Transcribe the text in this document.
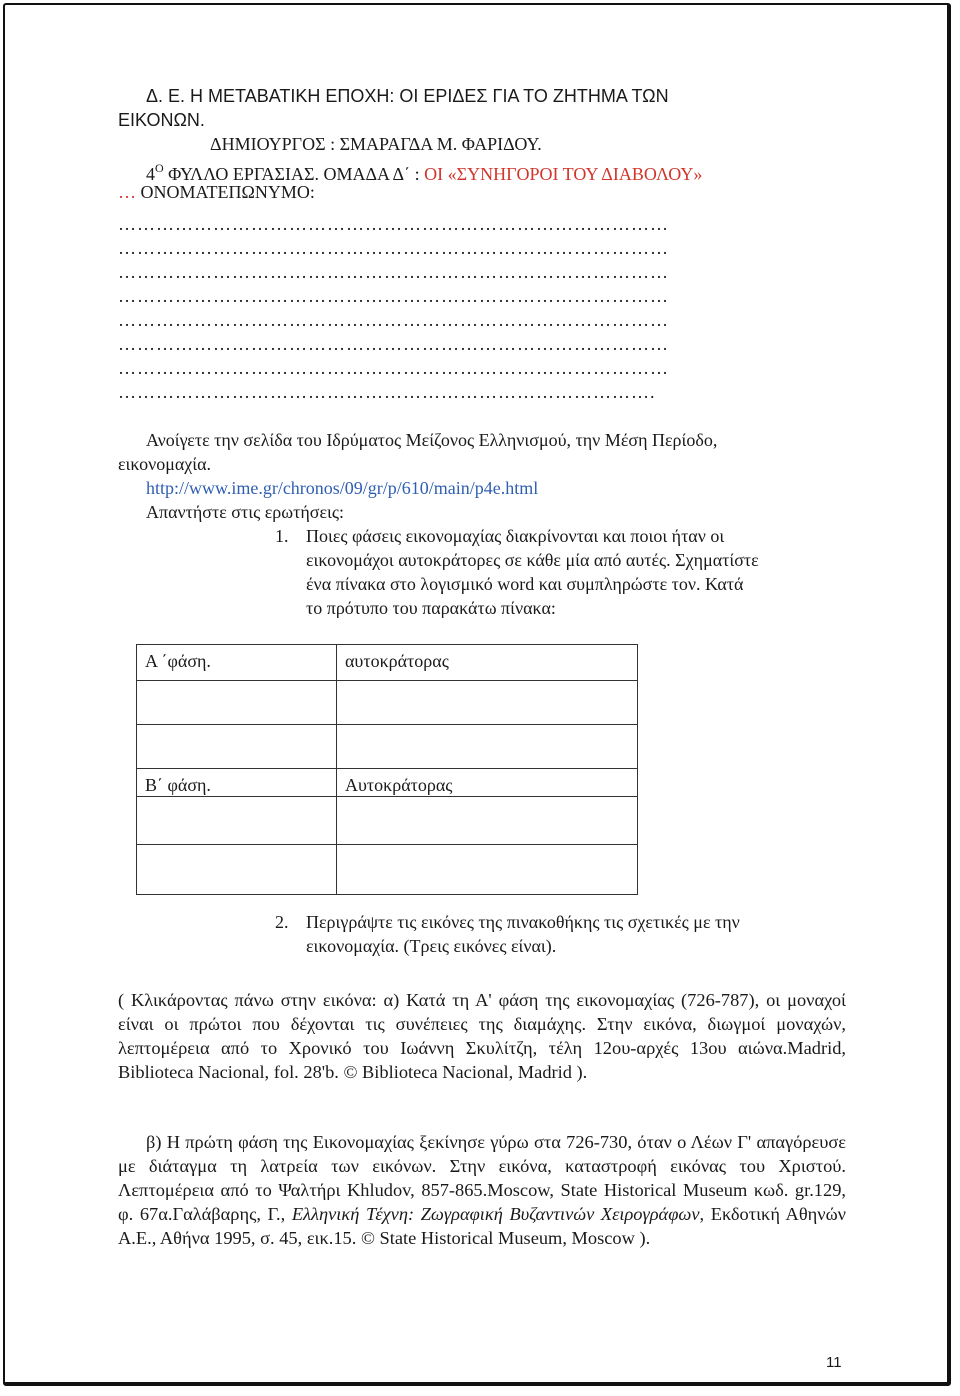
Δ. Ε. Η ΜΕΤΑΒΑΤΙΚΗ ΕΠΟΧΗ: ΟΙ ΕΡΙΔΕΣ ΓΙΑ ΤΟ ΖΗΤΗΜΑ ΤΩΝ
ΕΙΚΟΝΩΝ.
ΔΗΜΙΟΥΡΓΟΣ : ΣΜΑΡΑΓΔΑ Μ. ΦΑΡΙΔΟΥ.
$4^O$ ΦΥΛΛΟ ΕΡΓΑΣΙΑΣ. ΟΜΑΔΑ Δ΄ : ΟΙ «ΣΥΝΗΓΟΡΟΙ ΤΟΥ ΔΙΑΒΟΛΟΥ»
… ΟΝΟΜΑΤΕΠΩΝΥΜΟ:
……………………………………………………………………………
……………………………………………………………………………
……………………………………………………………………………
……………………………………………………………………………
……………………………………………………………………………
……………………………………………………………………………
……………………………………………………………………………
………………………………………………………………………….
Ανοίγετε την σελίδα του Ιδρύματος Μείζονος Ελληνισμού, την Μέση Περίοδο,
εικονομαχία.
http://www.ime.gr/chronos/09/gr/p/610/main/p4e.html
Απαντήστε στις ερωτήσεις:
1. Ποιες φάσεις εικονομαχίας διακρίνονται και ποιοι ήταν οι
εικονομάχοι αυτοκράτορες σε κάθε μία από αυτές. Σχηματίστε
ένα πίνακα στο λογισμικό word και συμπληρώστε τον. Κατά
το πρότυπο του παρακάτω πίνακα:
Α ΄φάση.	αυτοκράτορας

Β΄ φάση.	Αυτοκράτορας

2. Περιγράψτε τις εικόνες της πινακοθήκης τις σχετικές με την
εικονομαχία. (Τρεις εικόνες είναι).
( Κλικάροντας πάνω στην εικόνα: α) Κατά τη Α' φάση της εικονομαχίας (726-787), οι μοναχοί είναι οι πρώτοι που δέχονται τις συνέπειες της διαμάχης. Στην εικόνα, διωγμοί μοναχών, λεπτομέρεια από το Χρονικό του Ιωάννη Σκυλίτζη, τέλη 12ου-αρχές 13ου αιώνα.Madrid, Biblioteca Nacional, fol. 28'b. © Biblioteca Nacional, Madrid ).
β) Η πρώτη φάση της Εικονομαχίας ξεκίνησε γύρω στα 726-730, όταν ο Λέων Γ' απαγόρευσε με διάταγμα τη λατρεία των εικόνων. Στην εικόνα, καταστροφή εικόνας του Χριστού. Λεπτομέρεια από το Ψαλτήρι Khludov, 857-865.Moscow, State Historical Museum κωδ. gr.129, φ. 67α.Γαλάβαρης, Γ., Ελληνική Τέχνη: Ζωγραφική Βυζαντινών Χειρογράφων, Εκδοτική Αθηνών Α.Ε., Αθήνα 1995, σ. 45, εικ.15. © State Historical Museum, Moscow ).
11
